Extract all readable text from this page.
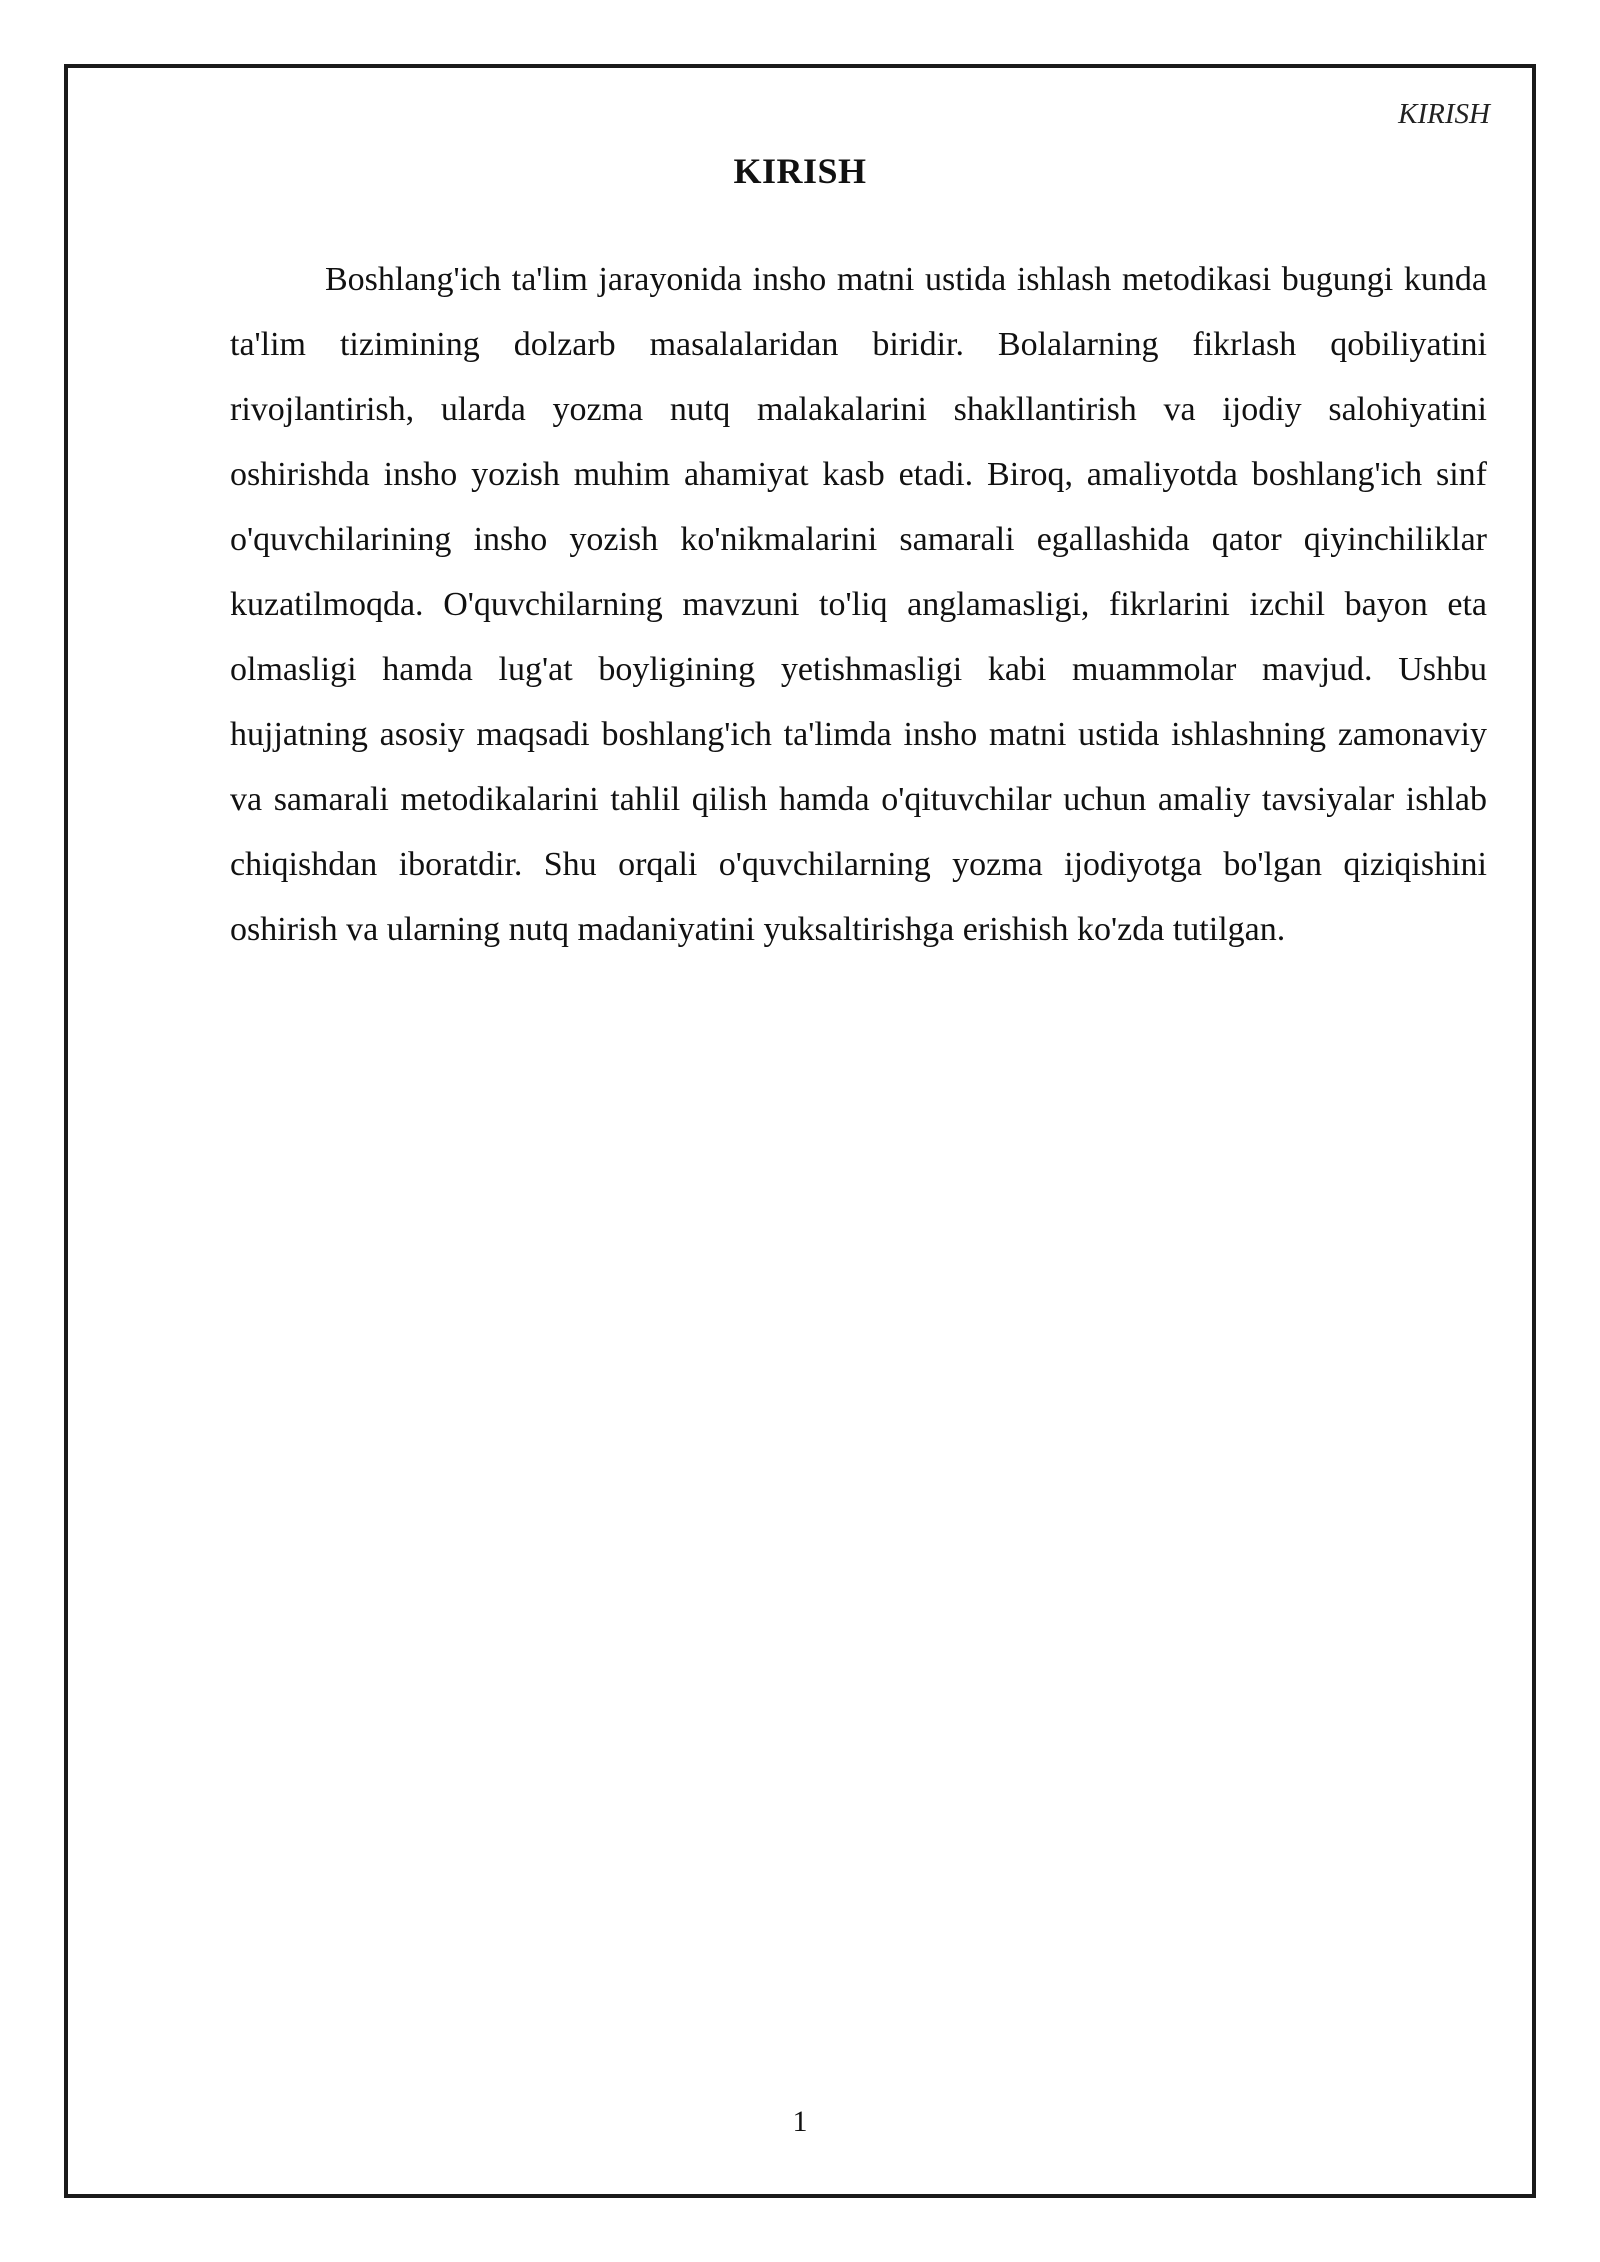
KIRISH
KIRISH

Boshlang'ich ta'lim jarayonida insho matni ustida ishlash metodikasi bugungi kunda ta'lim tizimining dolzarb masalalaridan biridir. Bolalarning fikrlash qobiliyatini rivojlantirish, ularda yozma nutq malakalarini shakllantirish va ijodiy salohiyatini oshirishda insho yozish muhim ahamiyat kasb etadi. Biroq, amaliyotda boshlang'ich sinf o'quvchilarining insho yozish ko'nikmalarini samarali egallashida qator qiyinchiliklar kuzatilmoqda. O'quvchilarning mavzuni to'liq anglamasligi, fikrlarini izchil bayon eta olmasligi hamda lug'at boyligining yetishmasligi kabi muammolar mavjud. Ushbu hujjatning asosiy maqsadi boshlang'ich ta'limda insho matni ustida ishlashning zamonaviy va samarali metodikalarini tahlil qilish hamda o'qituvchilar uchun amaliy tavsiyalar ishlab chiqishdan iboratdir. Shu orqali o'quvchilarning yozma ijodiyotga bo'lgan qiziqishini oshirish va ularning nutq madaniyatini yuksaltirishga erishish ko'zda tutilgan.

1
